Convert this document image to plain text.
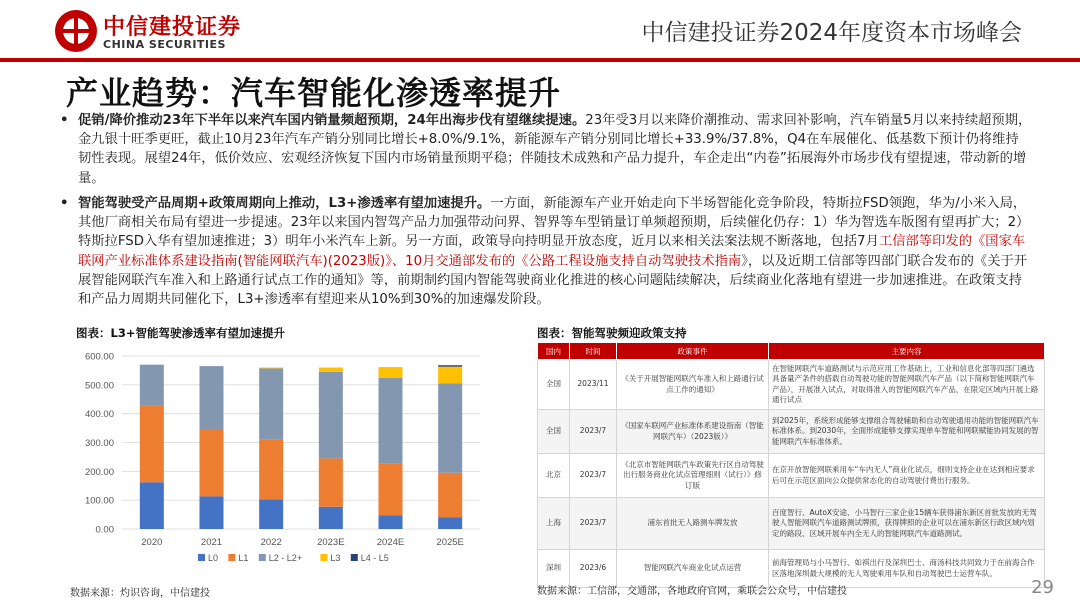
中信建投证券
CHINA SECURITIES	中信建投证券2024年度资本市场峰会
产业趋势：汽车智能化渗透率提升
• 促销/降价推动23年下半年以来汽车国内销量频超预期，24年出海步伐有望继续提速。23年受3月以来降价潮推动、需求回补影响，汽车销量5月以来持续超预期，金九银十旺季更旺，截止10月23年汽车产销分别同比增长+8.0%/9.1%，新能源车产销分别同比增长+33.9%/37.8%，Q4在车展催化、低基数下预计仍将维持韧性表现。展望24年，低价效应、宏观经济恢复下国内市场销量预期平稳；伴随技术成熟和产品力提升，车企走出“内卷”拓展海外市场步伐有望提速，带动新的增量。
• 智能驾驶受产品周期+政策周期向上推动，L3+渗透率有望加速提升。一方面，新能源车产业开始走向下半场智能化竞争阶段，特斯拉FSD领跑，华为/小米入局，其他厂商相关布局有望进一步提速。23年以来国内智驾产品力加强带动问界、智界等车型销量订单频超预期，后续催化仍存：1）华为智选车版图有望再扩大；2）特斯拉FSD入华有望加速推进；3）明年小米汽车上新。另一方面，政策导向持明显开放态度，近月以来相关法案法规不断落地，包括7月工信部等印发的《国家车联网产业标准体系建设指南(智能网联汽车)(2023版)》、10月交通部发布的《公路工程设施支持自动驾驶技术指南》，以及近期工信部等四部门联合发布的《关于开展智能网联汽车准入和上路通行试点工作的通知》等，前期制约国内智能驾驶商业化推进的核心问题陆续解决，后续商业化落地有望进一步加速推进。在政策支持和产品力周期共同催化下，L3+渗透率有望迎来从10%到30%的加速爆发阶段。
图表：L3+智能驾驶渗透率有望加速提升
0.00
100.00
200.00
300.00
400.00
500.00
600.00
2020	2021	2022	2023E	2024E	2025E
L0 L1 L2 - L2+	L3 L4 - L5
数据来源：灼识咨询，中信建投
图表：智能驾驶频迎政策支持
国内	时间	政策事件	主要内容
全国	2023/11	《关于开展智能网联汽车准入和上路通行试点工作的通知》	在智能网联汽车道路测试与示范应用工作基础上，工业和信息化部等四部门遴选具备量产条件的搭载自动驾驶功能的智能网联汽车产品（以下简称智能网联汽车产品），开展准入试点，对取得准入的智能网联汽车产品，在限定区域内开展上路通行试点
全国	2023/7	《国家车联网产业标准体系建设指南（智能网联汽车）（2023版）》	到2025年，系统形成能够支撑组合驾驶辅助和自动驾驶通用功能的智能网联汽车标准体系。到2030年，全面形成能够支撑实现单车智能和网联赋能协同发展的智能网联汽车标准体系。
北京	2023/7	《北京市智能网联汽车政策先行区自动驾驶出行服务商业化试点管理细则（试行）》修订版	在京开放智能网联乘用车“车内无人”商业化试点，细则支持企业在达到相应要求后可在示范区面向公众提供常态化的自动驾驶付费出行服务。
上海	2023/7	浦东首批无人路测车牌发放	百度智行、AutoX安途、小马智行三家企业15辆车获得浦东新区首批发放的无驾驶人智能网联汽车道路测试牌照，获得牌照的企业可以在浦东新区行政区域内划定的路段、区域开展车内全无人的智能网联汽车道路测试。
深圳	2023/6	智能网联汽车商业化试点运营	前海管理局与小马智行、如祺出行及深圳巴士、商汤科技共同致力于在前海合作区落地深圳最大规模的无人驾驶乘用车队和自动驾驶巴士运营车队。
数据来源：工信部，交通部，各地政府官网，乘联会公众号，中信建投	29
